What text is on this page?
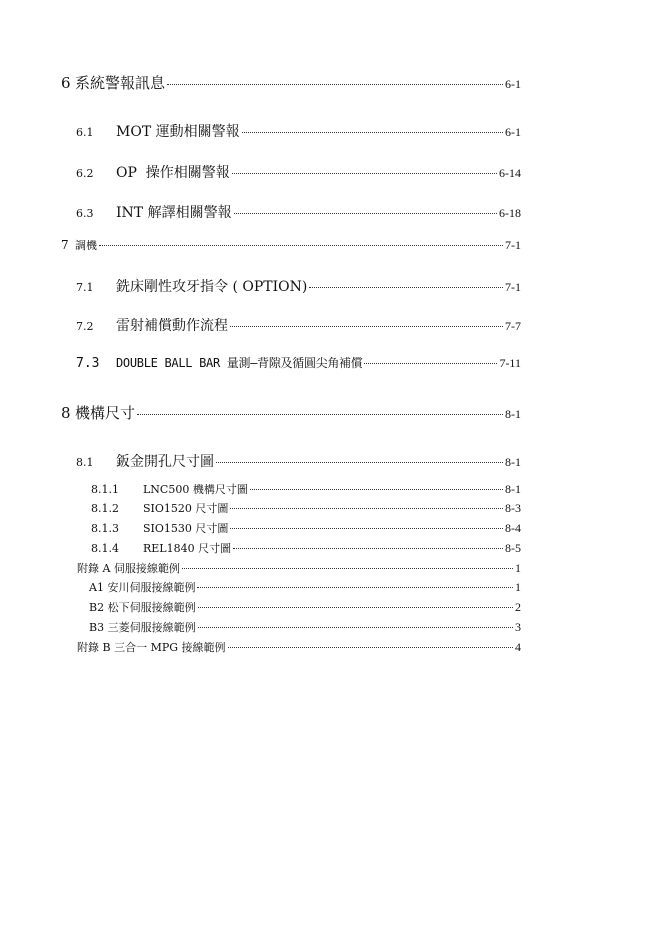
6 系統警報訊息	6-1
6.1	MOT 運動相關警報	6-1
6.2	OP  操作相關警報	6-14
6.3	INT 解譯相關警報	6-18
7 調機	7-1
7.1	銑床剛性攻牙指令 ( OPTION)	7-1
7.2	雷射補償動作流程	7-7
7.3	DOUBLE BALL BAR 量測–背隙及循圓尖角補償	7-11
8 機構尺寸	8-1
8.1	鈑金開孔尺寸圖	8-1
8.1.1	LNC500 機構尺寸圖	8-1
8.1.2	SIO1520 尺寸圖	8-3
8.1.3	SIO1530 尺寸圖	8-4
8.1.4	REL1840 尺寸圖	8-5
附錄 A 伺服接線範例	1
A1 安川伺服接線範例	1
B2 松下伺服接線範例	2
B3 三菱伺服接線範例	3
附錄 B 三合一 MPG 接線範例	4
